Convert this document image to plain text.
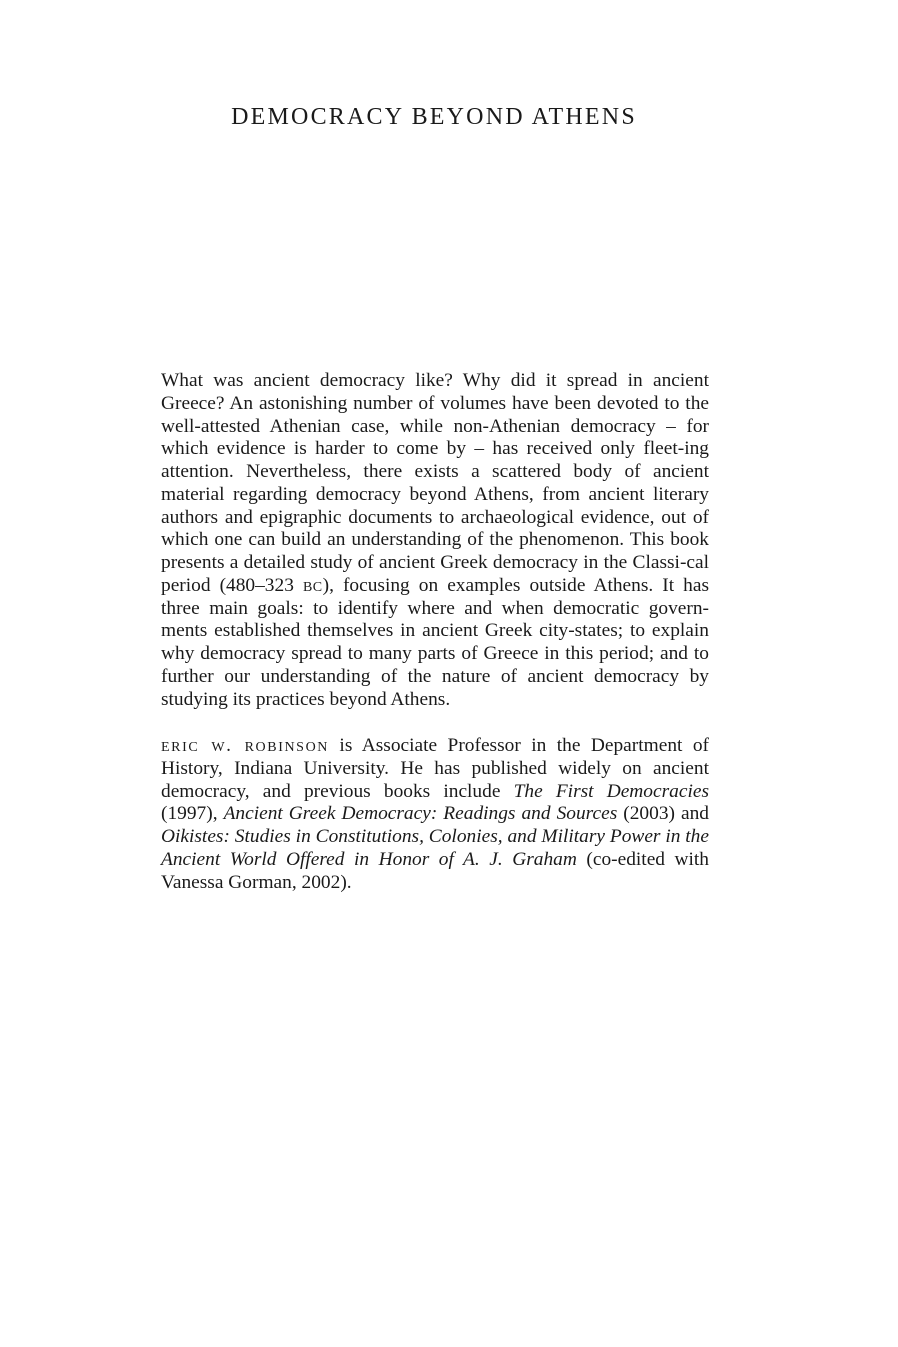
DEMOCRACY BEYOND ATHENS

What was ancient democracy like? Why did it spread in ancient Greece? An astonishing number of volumes have been devoted to the well-attested Athenian case, while non-Athenian democracy – for which evidence is harder to come by – has received only fleet-ing attention. Nevertheless, there exists a scattered body of ancient material regarding democracy beyond Athens, from ancient literary authors and epigraphic documents to archaeological evidence, out of which one can build an understanding of the phenomenon. This book presents a detailed study of ancient Greek democracy in the Classi-cal period (480–323 bc), focusing on examples outside Athens. It has three main goals: to identify where and when democratic govern-ments established themselves in ancient Greek city-states; to explain why democracy spread to many parts of Greece in this period; and to further our understanding of the nature of ancient democracy by studying its practices beyond Athens.

eric w. robinson is Associate Professor in the Department of History, Indiana University. He has published widely on ancient democracy, and previous books include The First Democracies (1997), Ancient Greek Democracy: Readings and Sources (2003) and Oikistes: Studies in Constitutions, Colonies, and Military Power in the Ancient World Offered in Honor of A. J. Graham (co-edited with Vanessa Gorman, 2002).
